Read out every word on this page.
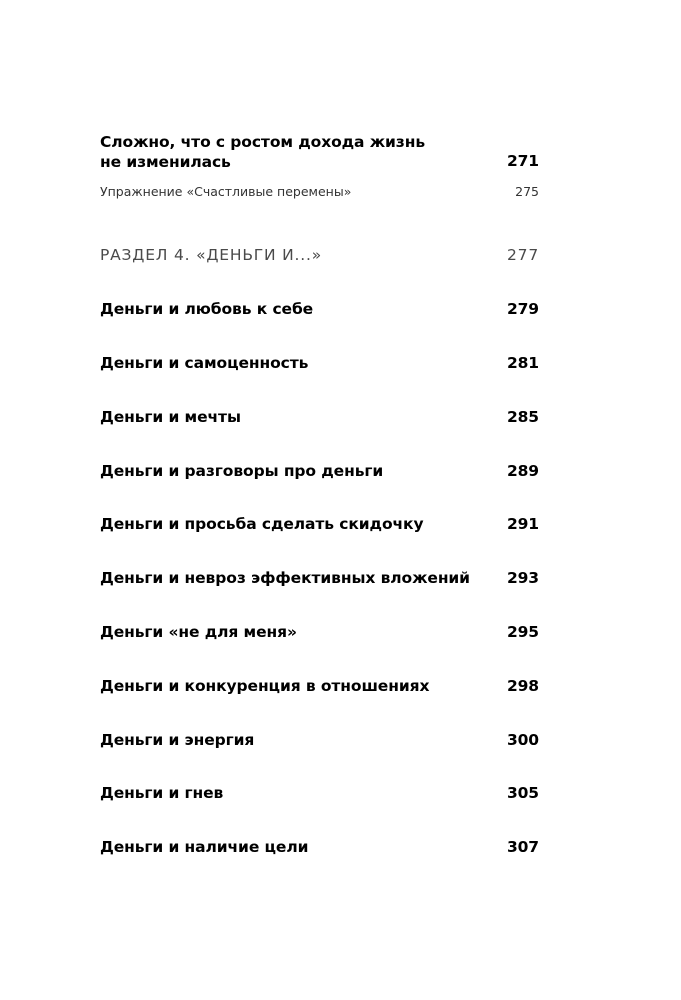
Сложно, что с ростом дохода жизнь
не изменилась	271
Упражнение «Счастливые перемены»	275
РАЗДЕЛ 4. «ДЕНЬГИ И...»	277
Деньги и любовь к себе	279
Деньги и самоценность	281
Деньги и мечты	285
Деньги и разговоры про деньги	289
Деньги и просьба сделать скидочку	291
Деньги и невроз эффективных вложений	293
Деньги «не для меня»	295
Деньги и конкуренция в отношениях	298
Деньги и энергия	300
Деньги и гнев	305
Деньги и наличие цели	307
